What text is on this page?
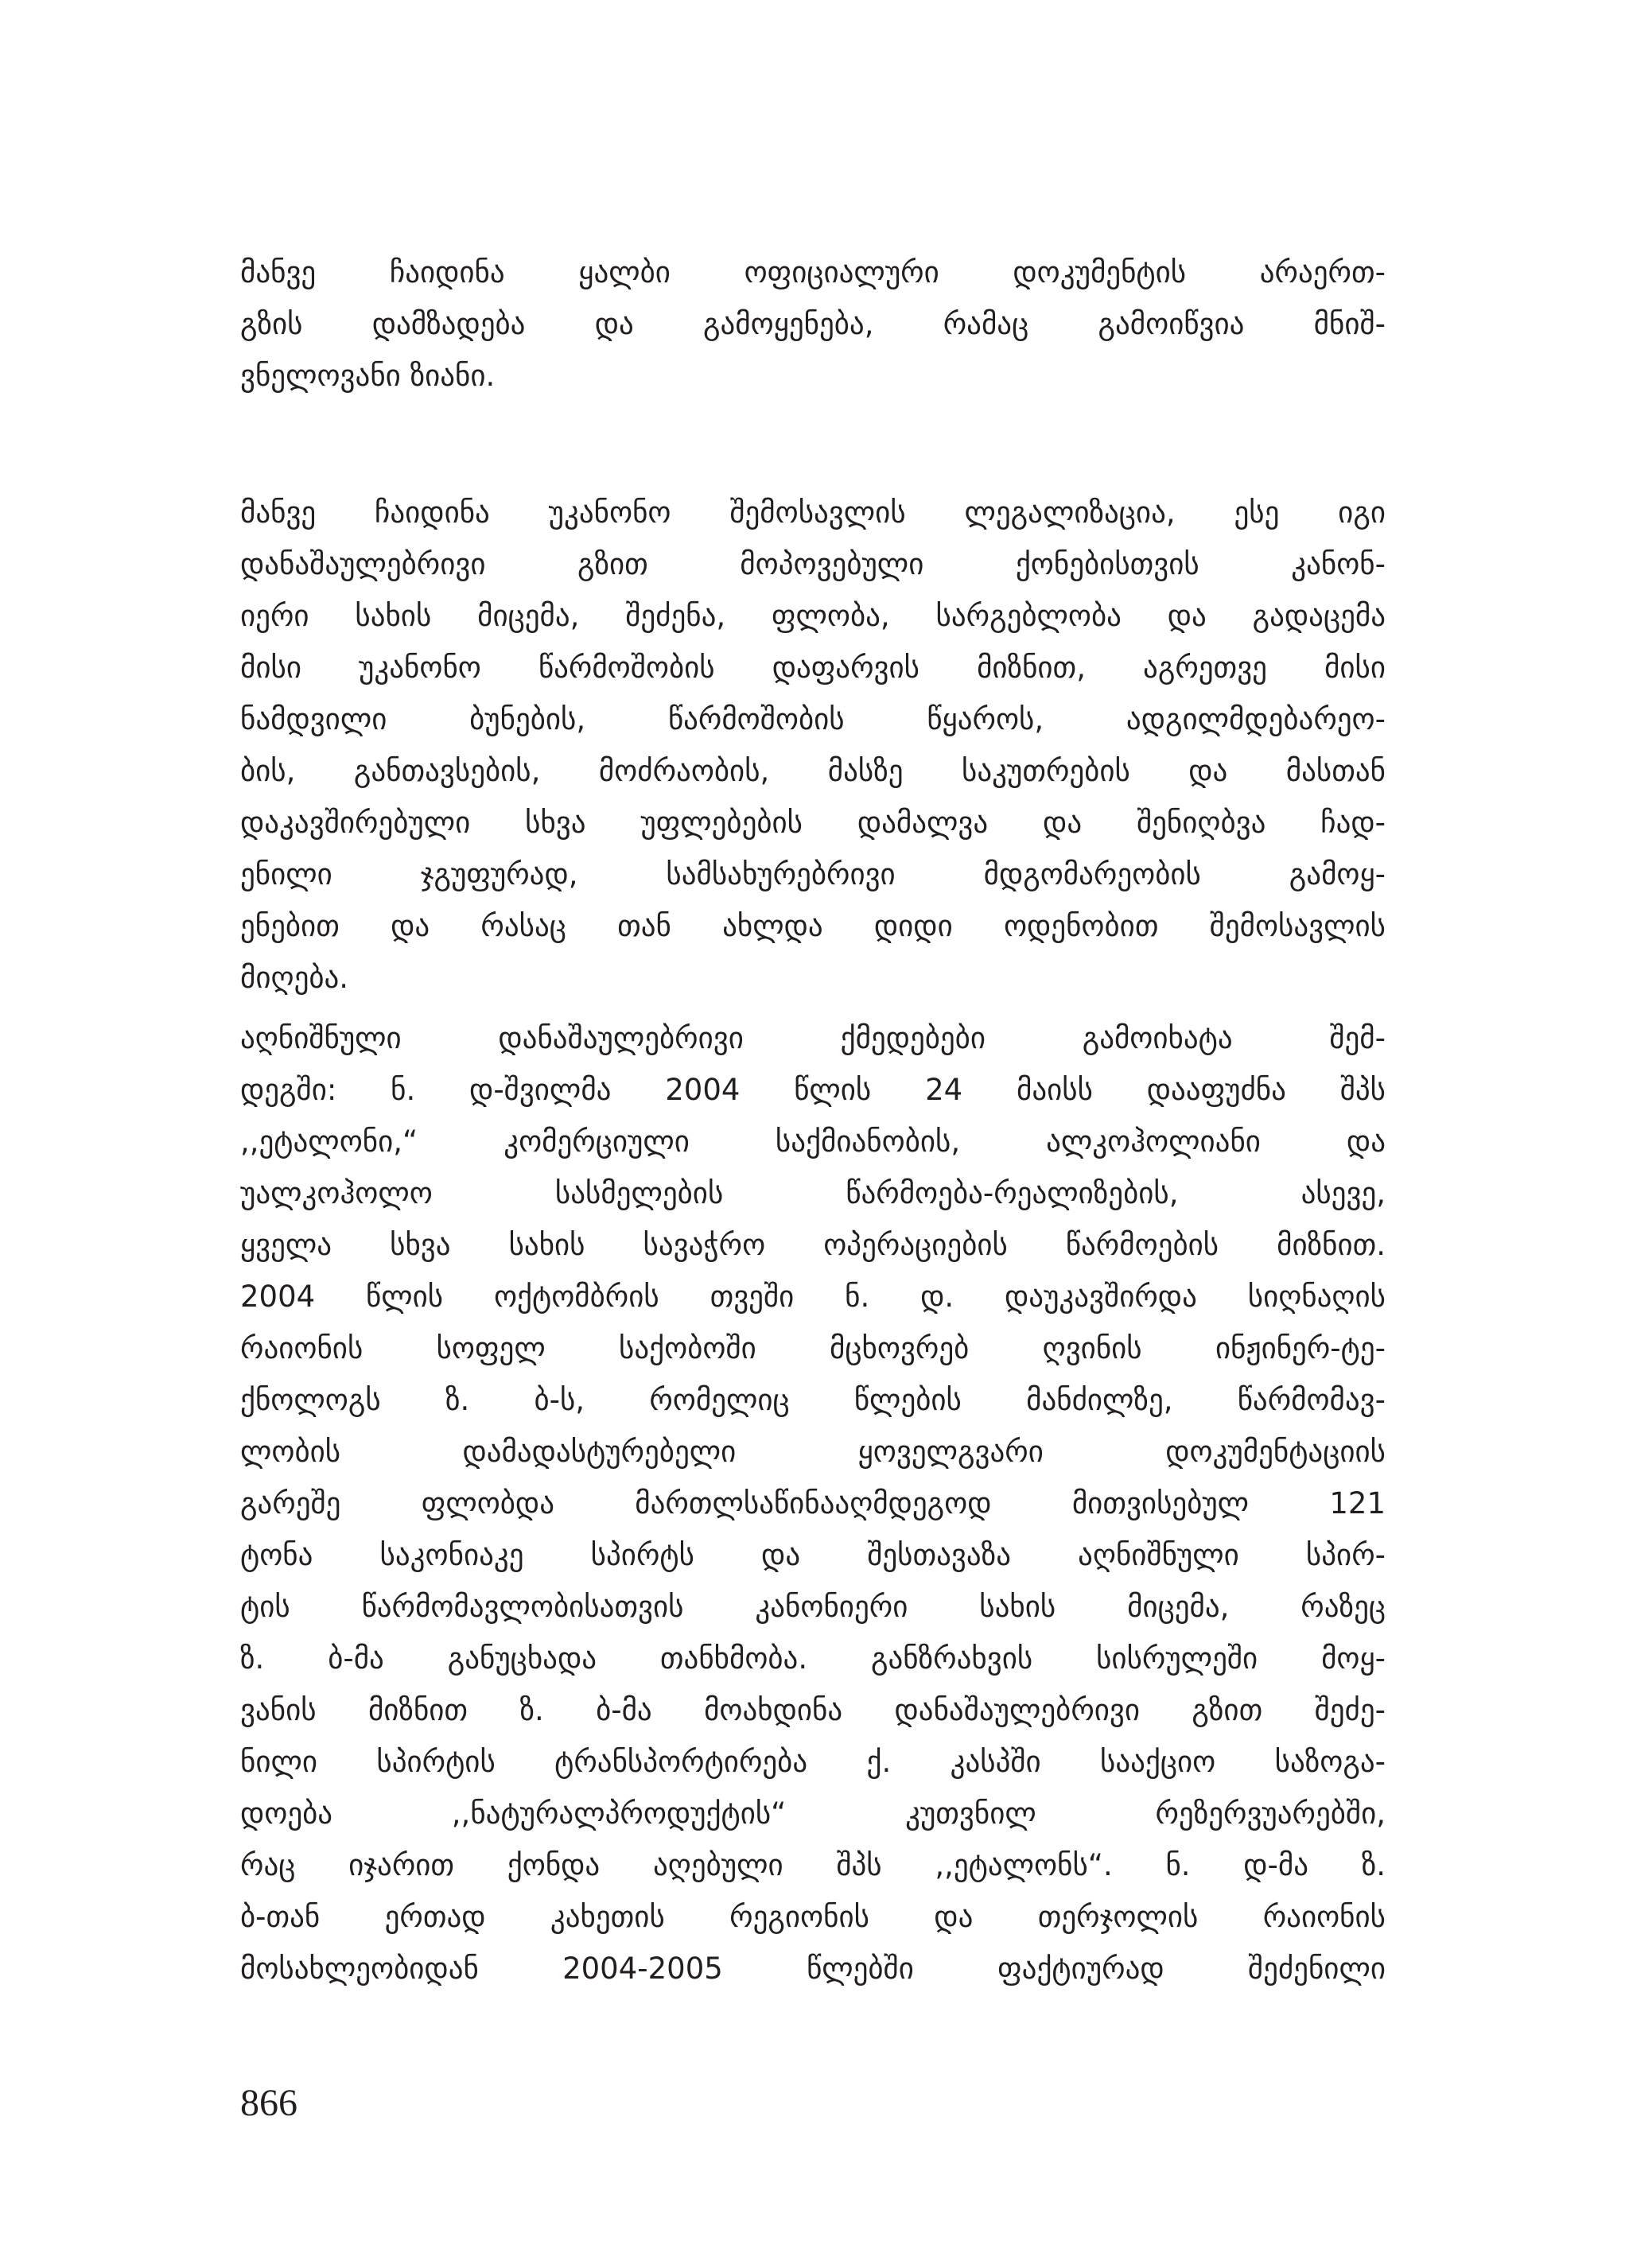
მანვე ჩაიდინა ყალბი ოფიციალური დოკუმენტის არაერთ-
გზის დამზადება და გამოყენება, რამაც გამოიწვია მნიშ-
ვნელოვანი ზიანი.
მანვე ჩაიდინა უკანონო შემოსავლის ლეგალიზაცია, ესე იგი
დანაშაულებრივი გზით მოპოვებული ქონებისთვის კანონ-
იერი სახის მიცემა, შეძენა, ფლობა, სარგებლობა და გადაცემა
მისი უკანონო წარმოშობის დაფარვის მიზნით, აგრეთვე მისი
ნამდვილი ბუნების, წარმოშობის წყაროს, ადგილმდებარეო-
ბის, განთავსების, მოძრაობის, მასზე საკუთრების და მასთან
დაკავშირებული სხვა უფლებების დამალვა და შენიღბვა ჩად-
ენილი ჯგუფურად, სამსახურებრივი მდგომარეობის გამოყ-
ენებით და რასაც თან ახლდა დიდი ოდენობით შემოსავლის
მიღება.
აღნიშნული დანაშაულებრივი ქმედებები გამოიხატა შემ-
დეგში: ნ. დ-შვილმა 2004 წლის 24 მაისს დააფუძნა შპს
,,ეტალონი,“ კომერციული საქმიანობის, ალკოჰოლიანი და
უალკოჰოლო სასმელების წარმოება-რეალიზების, ასევე,
ყველა სხვა სახის სავაჭრო ოპერაციების წარმოების მიზნით.
2004 წლის ოქტომბრის თვეში ნ. დ. დაუკავშირდა სიღნაღის
რაიონის სოფელ საქობოში მცხოვრებ ღვინის ინჟინერ-ტე-
ქნოლოგს ზ. ბ-ს, რომელიც წლების მანძილზე, წარმომავ-
ლობის დამადასტურებელი ყოველგვარი დოკუმენტაციის
გარეშე ფლობდა მართლსაწინააღმდეგოდ მითვისებულ 121
ტონა საკონიაკე სპირტს და შესთავაზა აღნიშნული სპირ-
ტის წარმომავლობისათვის კანონიერი სახის მიცემა, რაზეც
ზ. ბ-მა განუცხადა თანხმობა. განზრახვის სისრულეში მოყ-
ვანის მიზნით ზ. ბ-მა მოახდინა დანაშაულებრივი გზით შეძე-
ნილი სპირტის ტრანსპორტირება ქ. კასპში სააქციო საზოგა-
დოება ,,ნატურალპროდუქტის“ კუთვნილ რეზერვუარებში,
რაც იჯარით ქონდა აღებული შპს ,,ეტალონს“. ნ. დ-მა ზ.
ბ-თან ერთად კახეთის რეგიონის და თერჯოლის რაიონის
მოსახლეობიდან 2004-2005 წლებში ფაქტიურად შეძენილი
866
